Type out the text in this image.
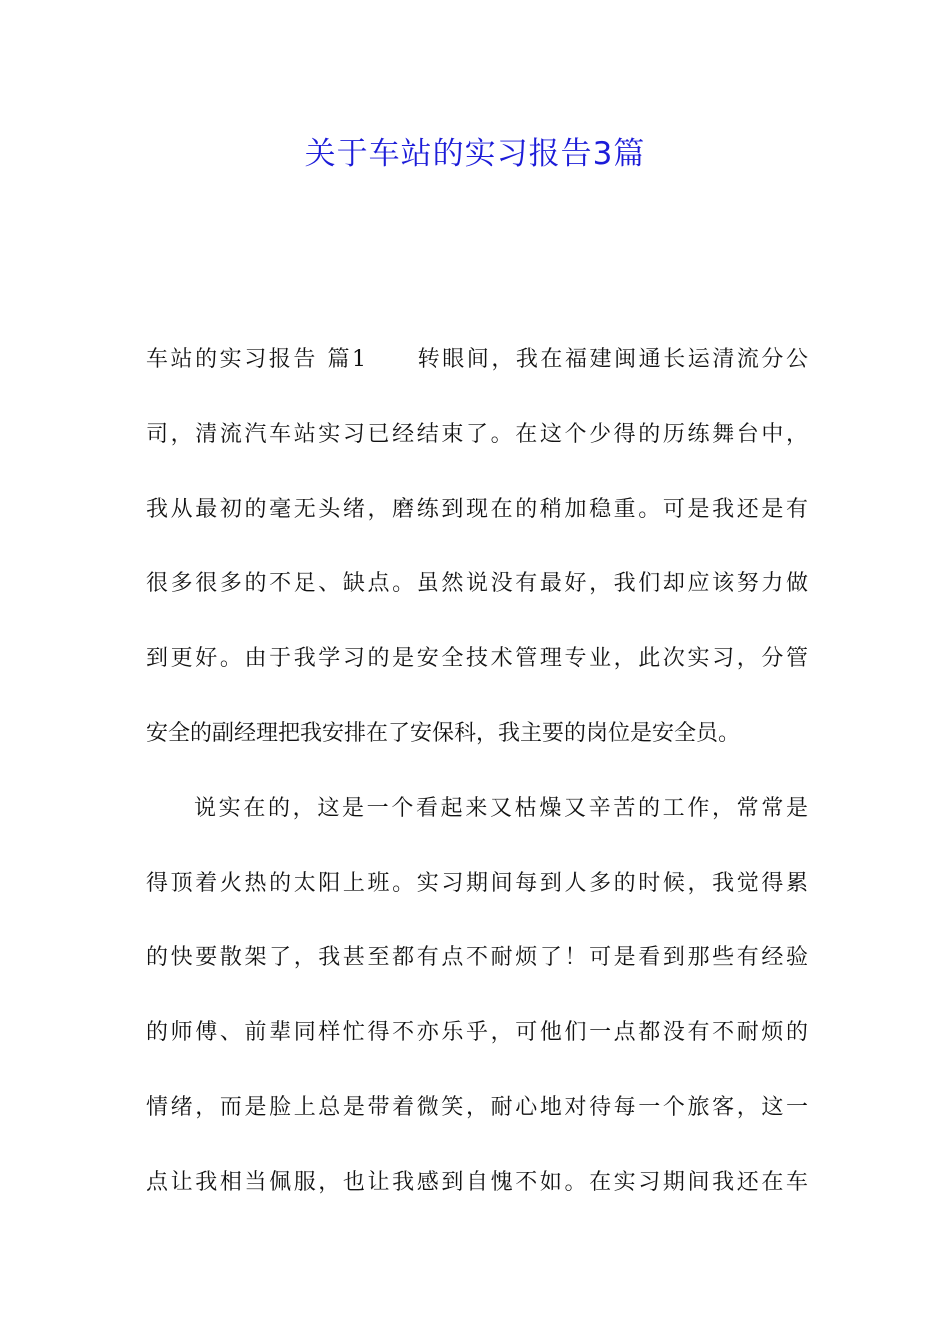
关于车站的实习报告3篇
车站的实习报告 篇1　　转眼间，我在福建闽通长运清流分公
司，清流汽车站实习已经结束了。在这个少得的历练舞台中，
我从最初的毫无头绪，磨练到现在的稍加稳重。可是我还是有
很多很多的不足、缺点。虽然说没有最好，我们却应该努力做
到更好。由于我学习的是安全技术管理专业，此次实习，分管
安全的副经理把我安排在了安保科，我主要的岗位是安全员。
说实在的，这是一个看起来又枯燥又辛苦的工作，常常是
得顶着火热的太阳上班。实习期间每到人多的时候，我觉得累
的快要散架了，我甚至都有点不耐烦了！可是看到那些有经验
的师傅、前辈同样忙得不亦乐乎，可他们一点都没有不耐烦的
情绪，而是脸上总是带着微笑，耐心地对待每一个旅客，这一
点让我相当佩服，也让我感到自愧不如。在实习期间我还在车
